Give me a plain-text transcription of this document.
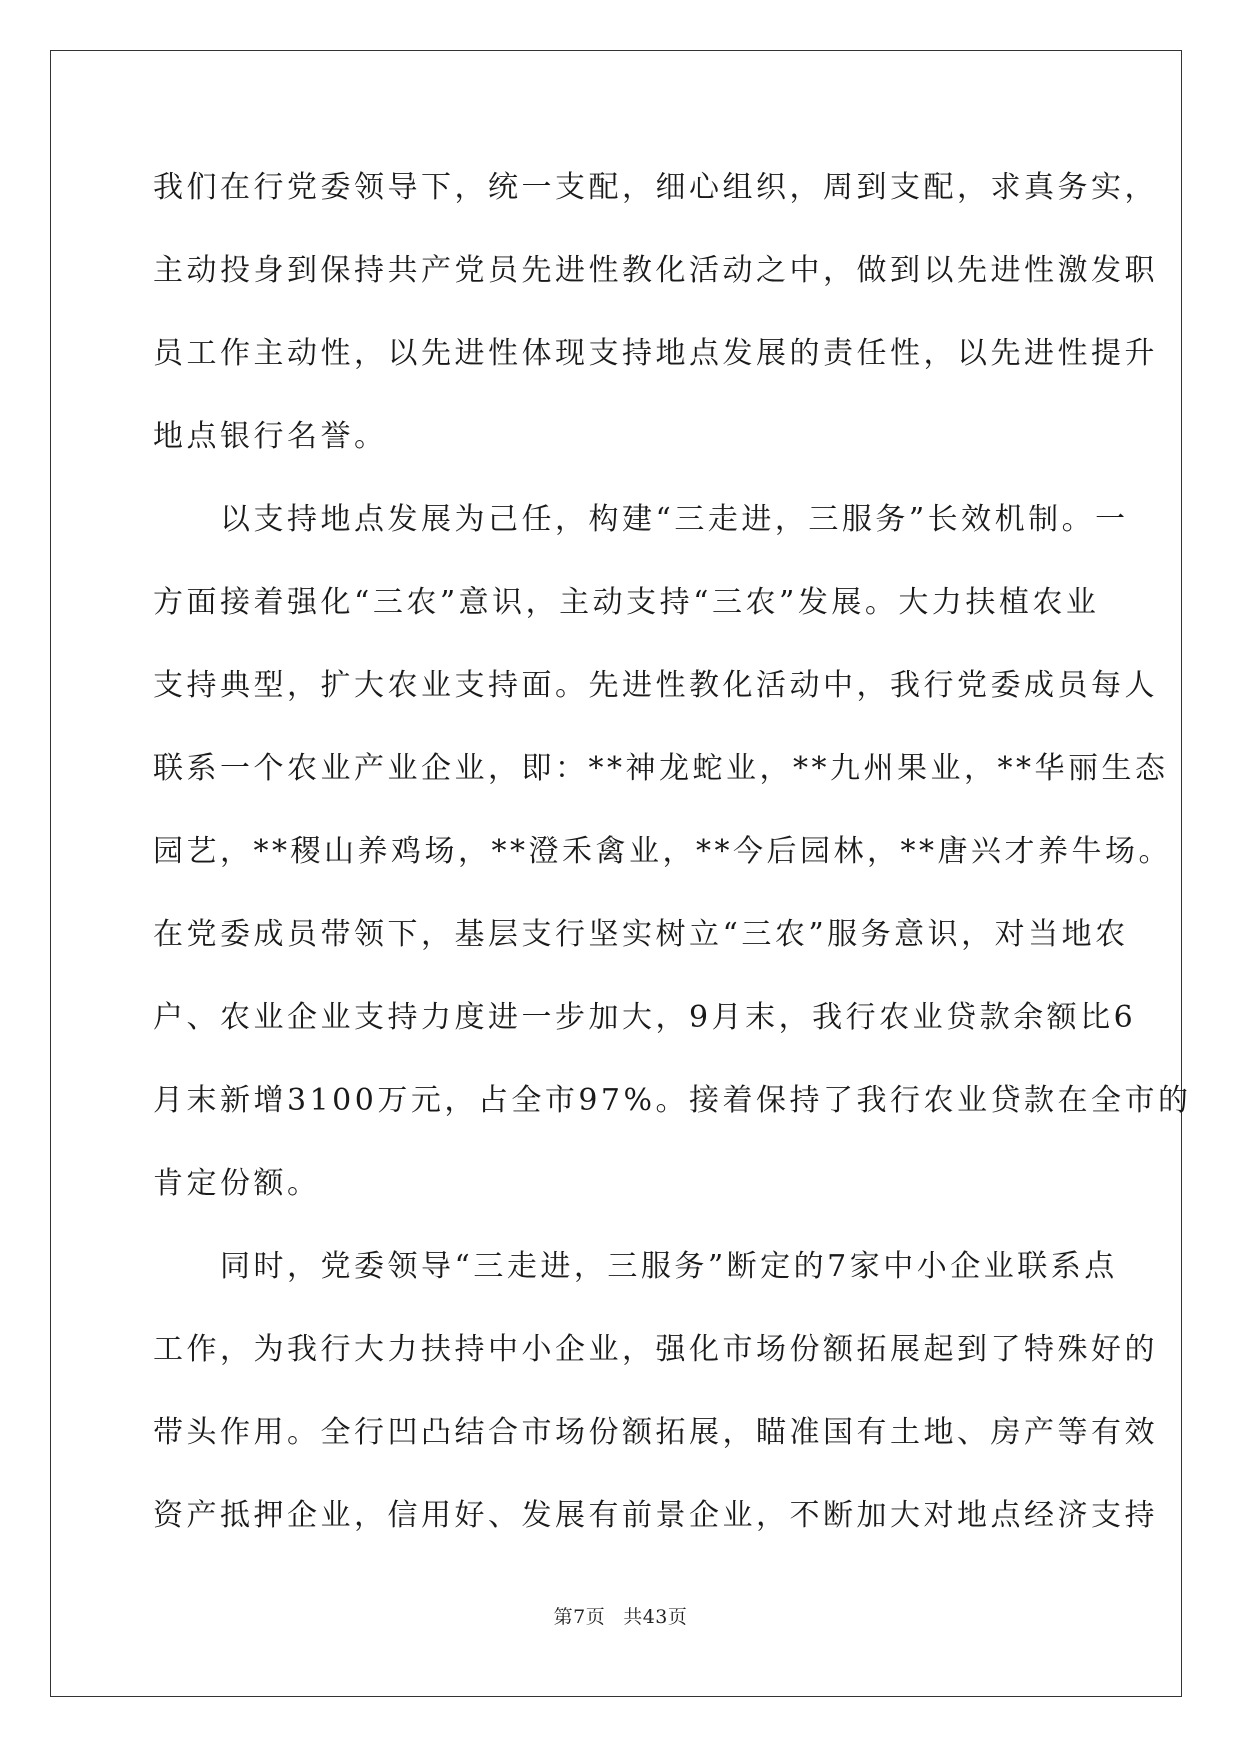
我们在行党委领导下，统一支配，细心组织，周到支配，求真务实，
主动投身到保持共产党员先进性教化活动之中，做到以先进性激发职
员工作主动性，以先进性体现支持地点发展的责任性，以先进性提升
地点银行名誉。
　　以支持地点发展为己任，构建“三走进，三服务”长效机制。一
方面接着强化“三农”意识，主动支持“三农”发展。大力扶植农业
支持典型，扩大农业支持面。先进性教化活动中，我行党委成员每人
联系一个农业产业企业，即：**神龙蛇业，**九州果业，**华丽生态
园艺，**稷山养鸡场，**澄禾禽业，**今后园林，**唐兴才养牛场。
在党委成员带领下，基层支行坚实树立“三农”服务意识，对当地农
户、农业企业支持力度进一步加大，9月末，我行农业贷款余额比6
月末新增3100万元，占全市97%。接着保持了我行农业贷款在全市的
肯定份额。
　　同时，党委领导“三走进，三服务”断定的7家中小企业联系点
工作，为我行大力扶持中小企业，强化市场份额拓展起到了特殊好的
带头作用。全行凹凸结合市场份额拓展，瞄准国有土地、房产等有效
资产抵押企业，信用好、发展有前景企业，不断加大对地点经济支持
第7页 共43页
